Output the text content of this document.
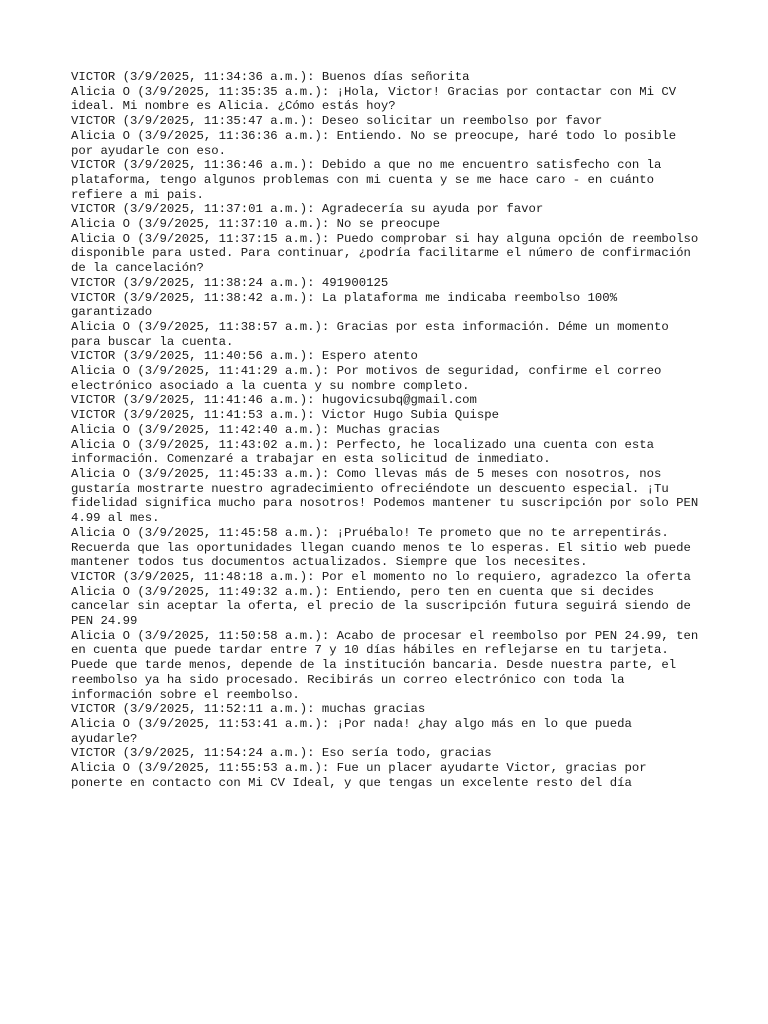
VICTOR (3/9/2025, 11:34:36 a.m.): Buenos días señorita

Alicia O (3/9/2025, 11:35:35 a.m.): ¡Hola, Victor! Gracias por contactar con Mi CV ideal. Mi nombre es Alicia. ¿Cómo estás hoy?

VICTOR (3/9/2025, 11:35:47 a.m.): Deseo solicitar un reembolso por favor

Alicia O (3/9/2025, 11:36:36 a.m.): Entiendo. No se preocupe, haré todo lo posible por ayudarle con eso.

VICTOR (3/9/2025, 11:36:46 a.m.): Debido a que no me encuentro satisfecho con la plataforma, tengo algunos problemas con mi cuenta y se me hace caro - en cuánto refiere a mi pais.

VICTOR (3/9/2025, 11:37:01 a.m.): Agradecería su ayuda por favor

Alicia O (3/9/2025, 11:37:10 a.m.): No se preocupe

Alicia O (3/9/2025, 11:37:15 a.m.): Puedo comprobar si hay alguna opción de reembolso disponible para usted. Para continuar, ¿podría facilitarme el número de confirmación de la cancelación?

VICTOR (3/9/2025, 11:38:24 a.m.): 491900125

VICTOR (3/9/2025, 11:38:42 a.m.): La plataforma me indicaba reembolso 100% garantizado

Alicia O (3/9/2025, 11:38:57 a.m.): Gracias por esta información. Déme un momento para buscar la cuenta.

VICTOR (3/9/2025, 11:40:56 a.m.): Espero atento

Alicia O (3/9/2025, 11:41:29 a.m.): Por motivos de seguridad, confirme el correo electrónico asociado a la cuenta y su nombre completo.

VICTOR (3/9/2025, 11:41:46 a.m.): hugovicsubq@gmail.com

VICTOR (3/9/2025, 11:41:53 a.m.): Victor Hugo Subia Quispe

Alicia O (3/9/2025, 11:42:40 a.m.): Muchas gracias

Alicia O (3/9/2025, 11:43:02 a.m.): Perfecto, he localizado una cuenta con esta información. Comenzaré a trabajar en esta solicitud de inmediato.

Alicia O (3/9/2025, 11:45:33 a.m.): Como llevas más de 5 meses con nosotros, nos gustaría mostrarte nuestro agradecimiento ofreciéndote un descuento especial. ¡Tu fidelidad significa mucho para nosotros! Podemos mantener tu suscripción por solo PEN 4.99 al mes.

Alicia O (3/9/2025, 11:45:58 a.m.): ¡Pruébalo! Te prometo que no te arrepentirás. Recuerda que las oportunidades llegan cuando menos te lo esperas. El sitio web puede mantener todos tus documentos actualizados. Siempre que los necesites.

VICTOR (3/9/2025, 11:48:18 a.m.): Por el momento no lo requiero, agradezco la oferta

Alicia O (3/9/2025, 11:49:32 a.m.): Entiendo, pero ten en cuenta que si decides cancelar sin aceptar la oferta, el precio de la suscripción futura seguirá siendo de PEN 24.99

Alicia O (3/9/2025, 11:50:58 a.m.): Acabo de procesar el reembolso por PEN 24.99, ten en cuenta que puede tardar entre 7 y 10 días hábiles en reflejarse en tu tarjeta. Puede que tarde menos, depende de la institución bancaria. Desde nuestra parte, el reembolso ya ha sido procesado. Recibirás un correo electrónico con toda la información sobre el reembolso.

VICTOR (3/9/2025, 11:52:11 a.m.): muchas gracias

Alicia O (3/9/2025, 11:53:41 a.m.): ¡Por nada! ¿hay algo más en lo que pueda ayudarle?

VICTOR (3/9/2025, 11:54:24 a.m.): Eso sería todo, gracias

Alicia O (3/9/2025, 11:55:53 a.m.): Fue un placer ayudarte Victor, gracias por ponerte en contacto con Mi CV Ideal, y que tengas un excelente resto del día
